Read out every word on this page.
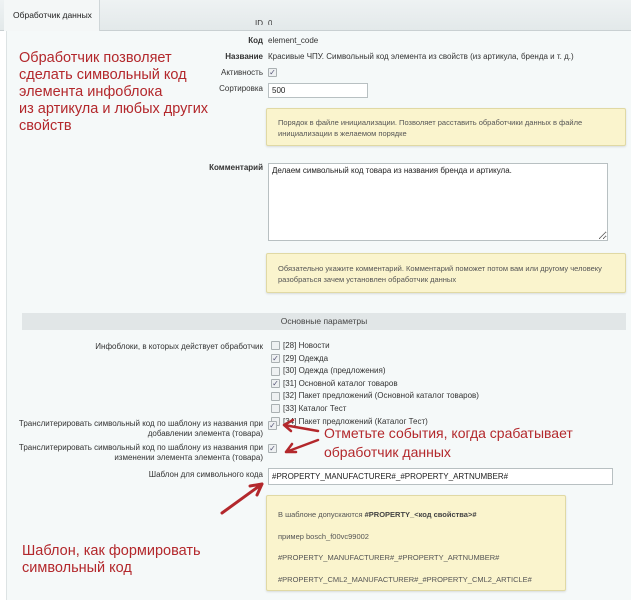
Обработчик данных
ID 0
Код element_code
Название Красивые ЧПУ. Символьный код элемента из свойств (из артикула, бренда и т. д.)
Активность ✓
Сортировка
500
Порядок в файле инициализации. Позволяет расставить обработчики данных в файле инициализации в желаемом порядке
Комментарий
Делаем символьный код товара из названия бренда и артикула.
Обязательно укажите комментарий. Комментарий поможет потом вам или другому человеку разобраться зачем установлен обработчик данных
Основные параметры
Инфоблоки, в которых действует обработчик	[28] Новости
✓ [29] Одежда
[30] Одежда (предложения)
✓ [31] Основной каталог товаров
[32] Пакет предложений (Основной каталог товаров)
[33] Каталог Тест
[34] Пакет предложений (Каталог Тест)
Транслитерировать символьный код по шаблону из названия при
добавлении элемента (товара)
✓
Транслитерировать символьный код по шаблону из названия при
изменении элемента элемента (товара)
✓
Шаблон для символьного кода
#PROPERTY_MANUFACTURER#_#PROPERTY_ARTNUMBER#
В шаблоне допускаются #PROPERTY_<код свойства>#
пример bosch_f00vc99002
#PROPERTY_MANUFACTURER#_#PROPERTY_ARTNUMBER#
#PROPERTY_CML2_MANUFACTURER#_#PROPERTY_CML2_ARTICLE#
Обработчик позволяет
сделать символьный код
элемента инфоблока
из артикула и любых других
свойств
Отметьте события, когда срабатывает
обработчик данных
Шаблон, как формировать
символьный код
